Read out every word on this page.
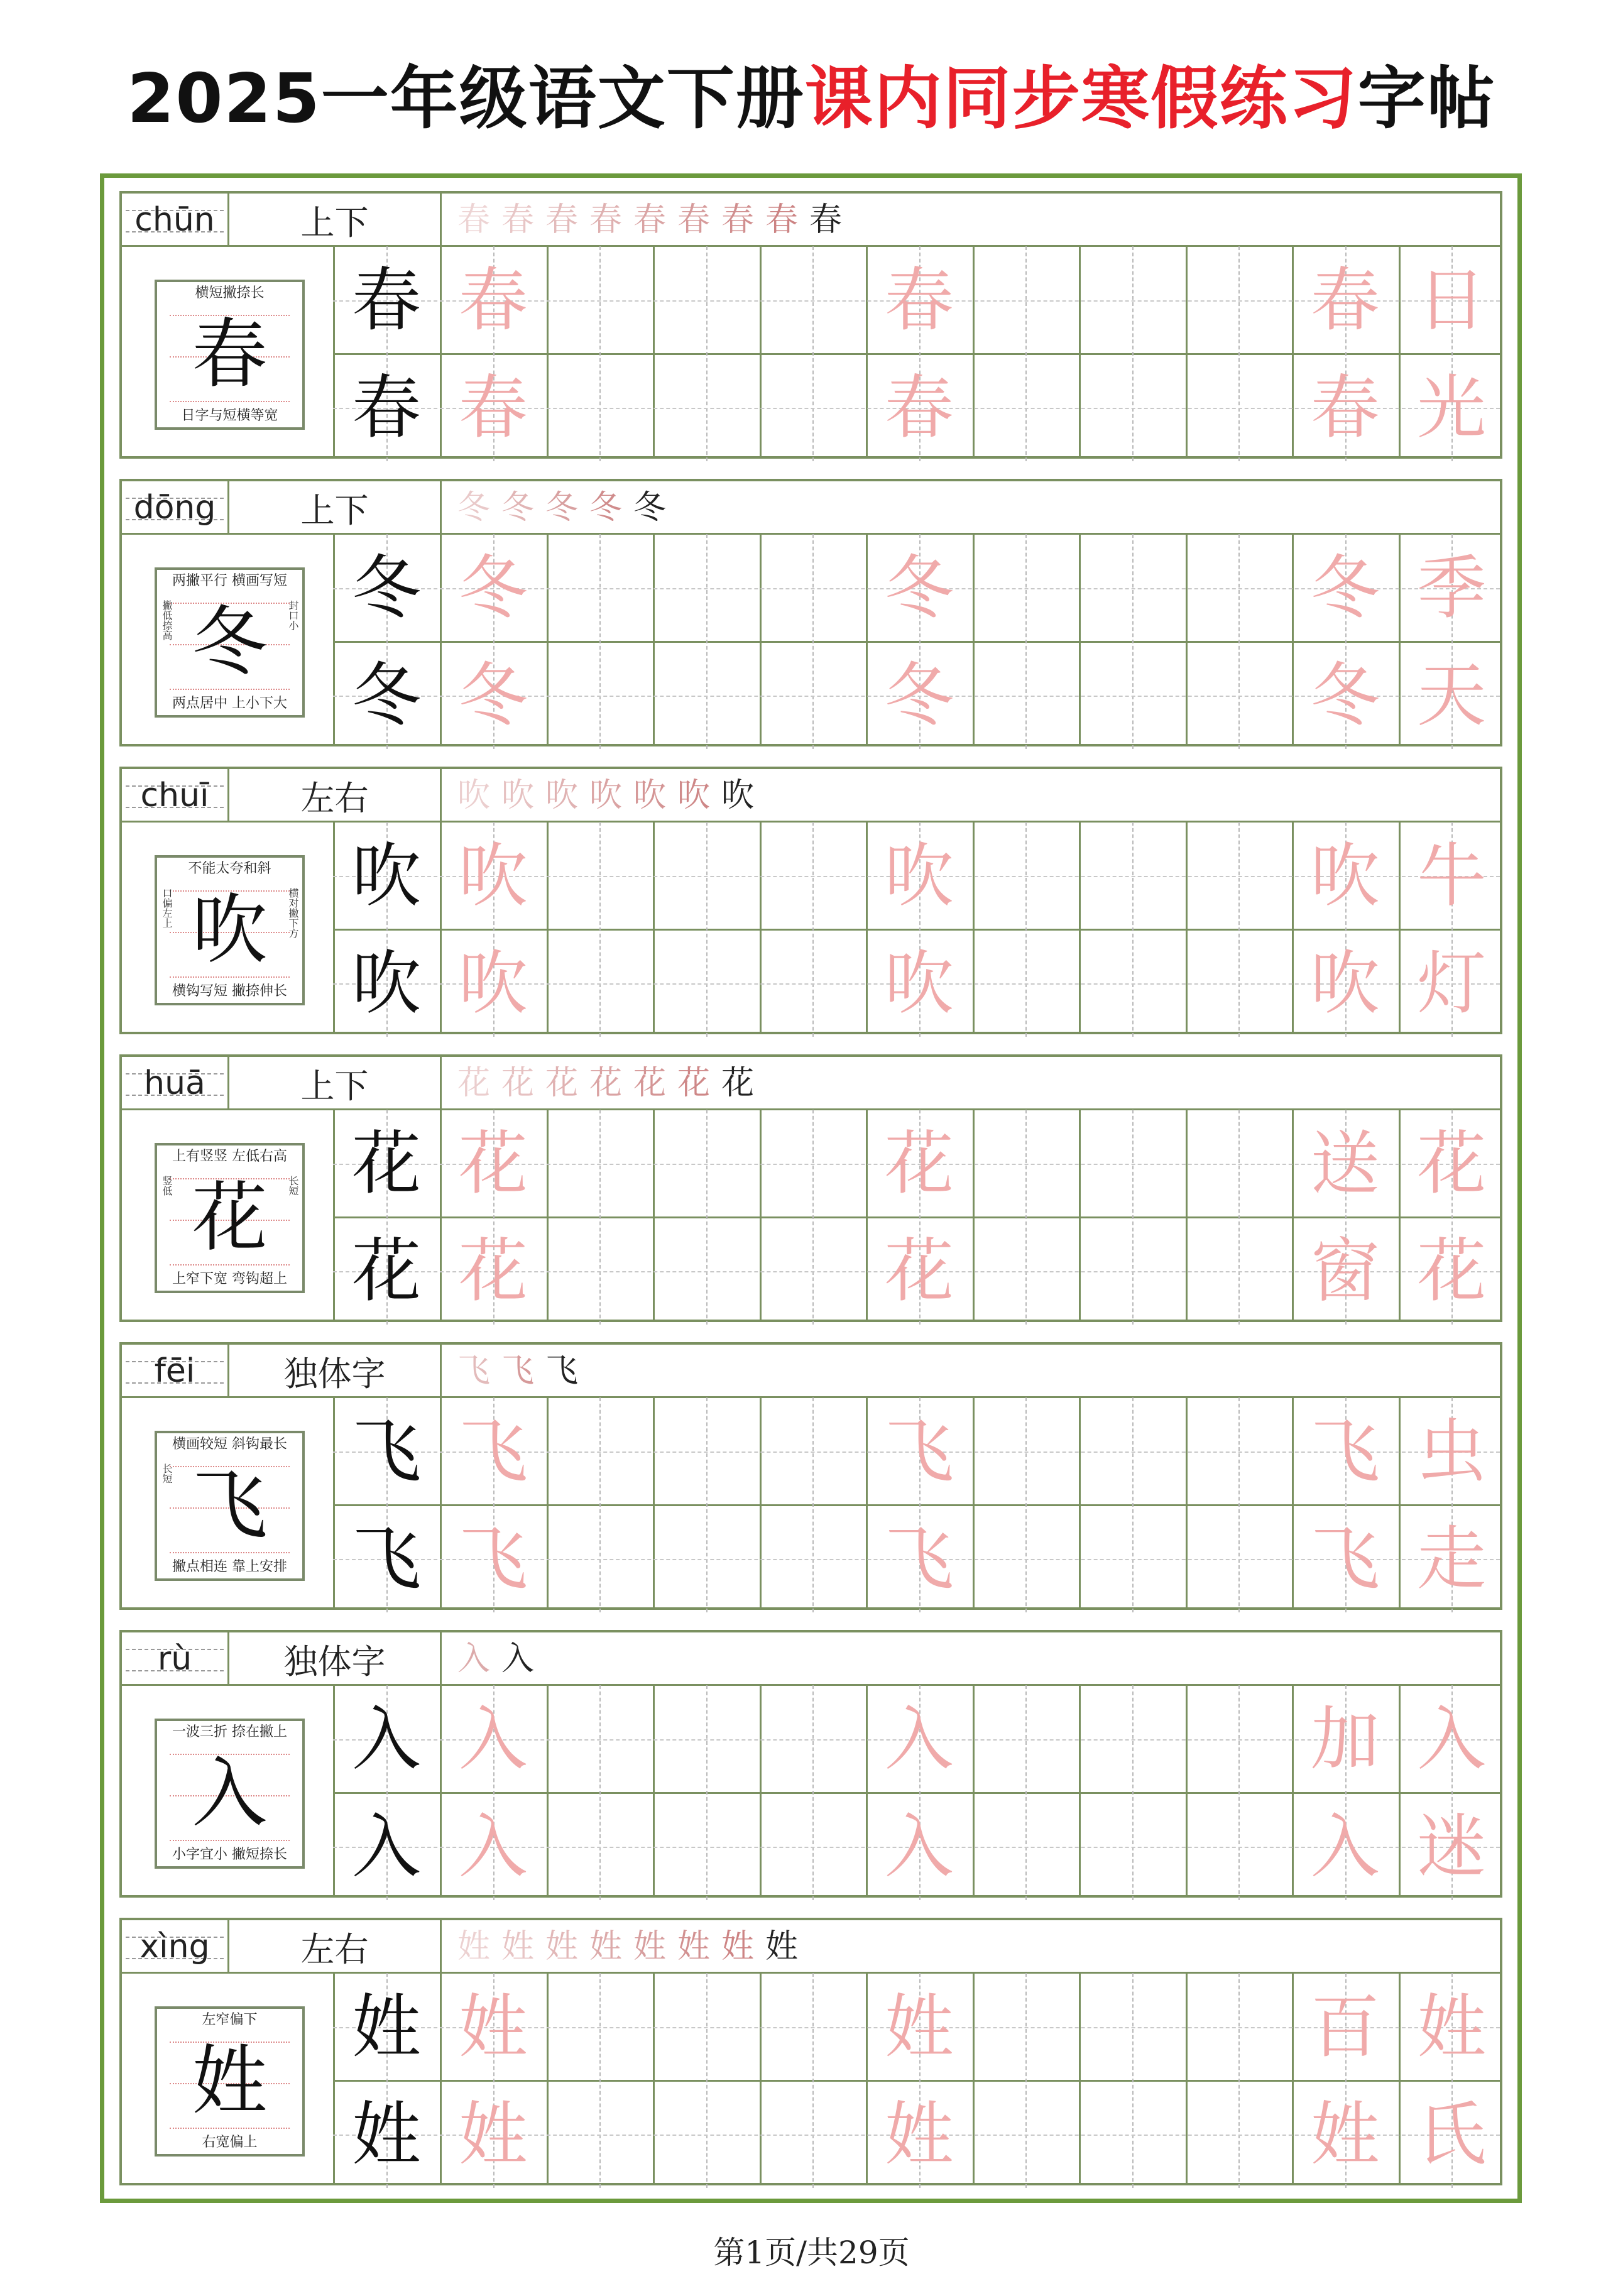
2025一年级语文下册课内同步寒假练习字帖
chūn	上下	春 春 春 春 春 春 春 春 春
横短撇捺长
春
日字与短横等宽
春 春	春	春 日
春 春	春	春 光
dōng	上下	冬 冬 冬 冬 冬
两撇平行 横画写短
冬
两点居中 上小下大
撇低捺高	封口小 冬 冬	冬	冬 季
冬 冬	冬	冬 天
chuī	左右	吹 吹 吹 吹 吹 吹 吹
不能太夸和斜
吹
横钩写短 撇捺伸长
口偏左上	横对撇下方 吹 吹	吹	吹 牛
吹 吹	吹	吹 灯
huā	上下	花 花 花 花 花 花 花
上有竖竖 左低右高
花
上窄下宽 弯钩超上
竖低	长短 花 花	花	送 花
花 花	花	窗 花
fēi	独体字	飞 飞 飞
横画较短 斜钩最长
飞
撇点相连 靠上安排
长短	飞 飞	飞	飞 虫
飞 飞	飞	飞 走
rù	独体字	入 入
一波三折 捺在撇上
入
小字宜小 撇短捺长
入 入	入	加 入
入 入	入	入 迷
xìng	左右	姓 姓 姓 姓 姓 姓 姓 姓
左窄偏下
姓
右宽偏上
姓 姓	姓	百 姓
姓 姓	姓	姓 氏
第1页/共29页
